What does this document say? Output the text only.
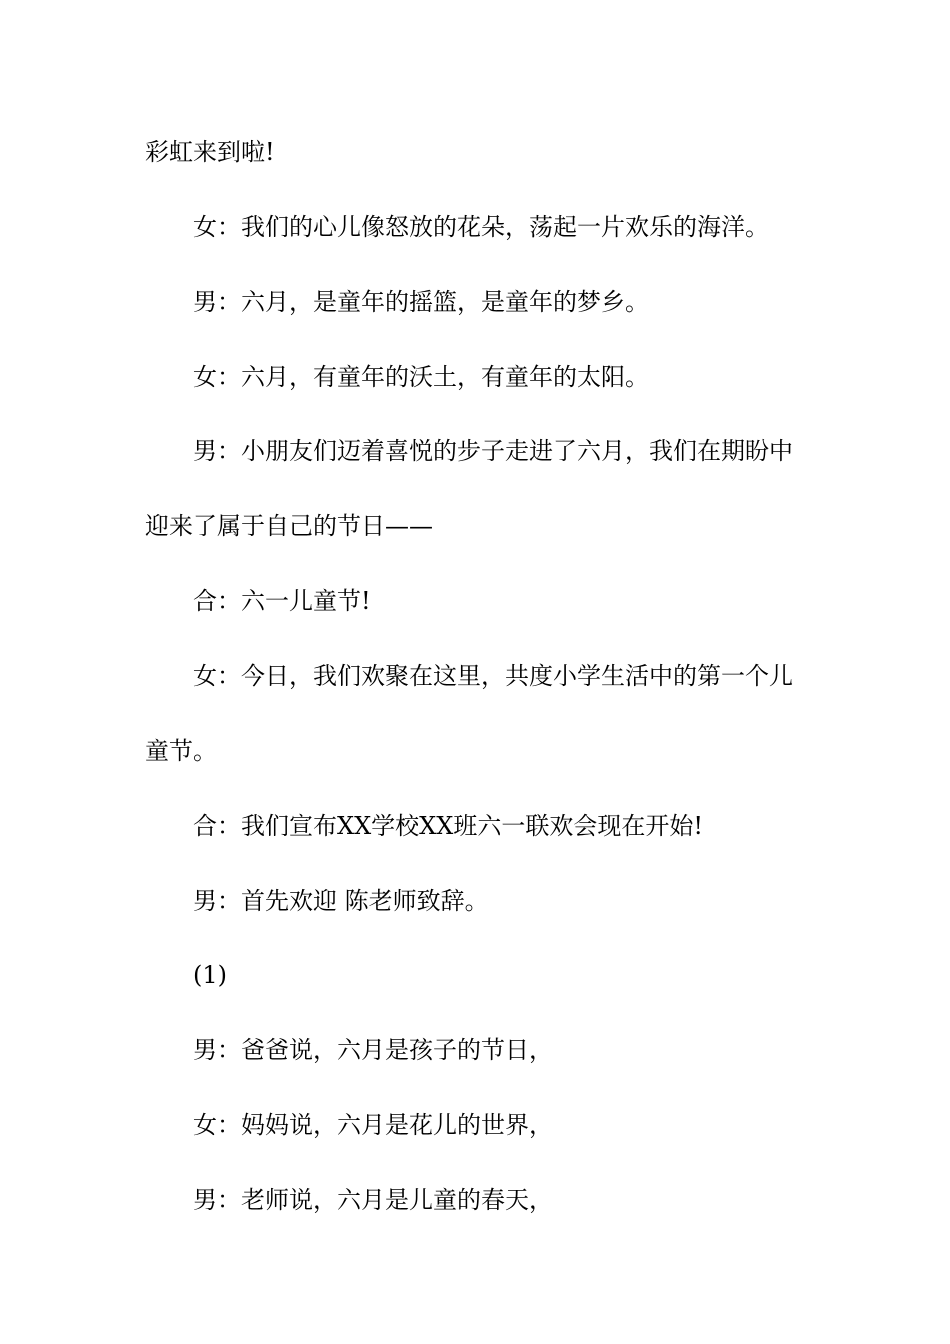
彩虹来到啦!
女：我们的心儿像怒放的花朵，荡起一片欢乐的海洋。
男：六月，是童年的摇篮，是童年的梦乡。
女：六月，有童年的沃土，有童年的太阳。
男：小朋友们迈着喜悦的步子走进了六月，我们在期盼中
迎来了属于自己的节日——
合：六一儿童节!
女：今日，我们欢聚在这里，共度小学生活中的第一个儿
童节。
合：我们宣布XX学校XX班六一联欢会现在开始!
男：首先欢迎 陈老师致辞。
(1)
男：爸爸说，六月是孩子的节日，
女：妈妈说，六月是花儿的世界，
男：老师说，六月是儿童的春天，
